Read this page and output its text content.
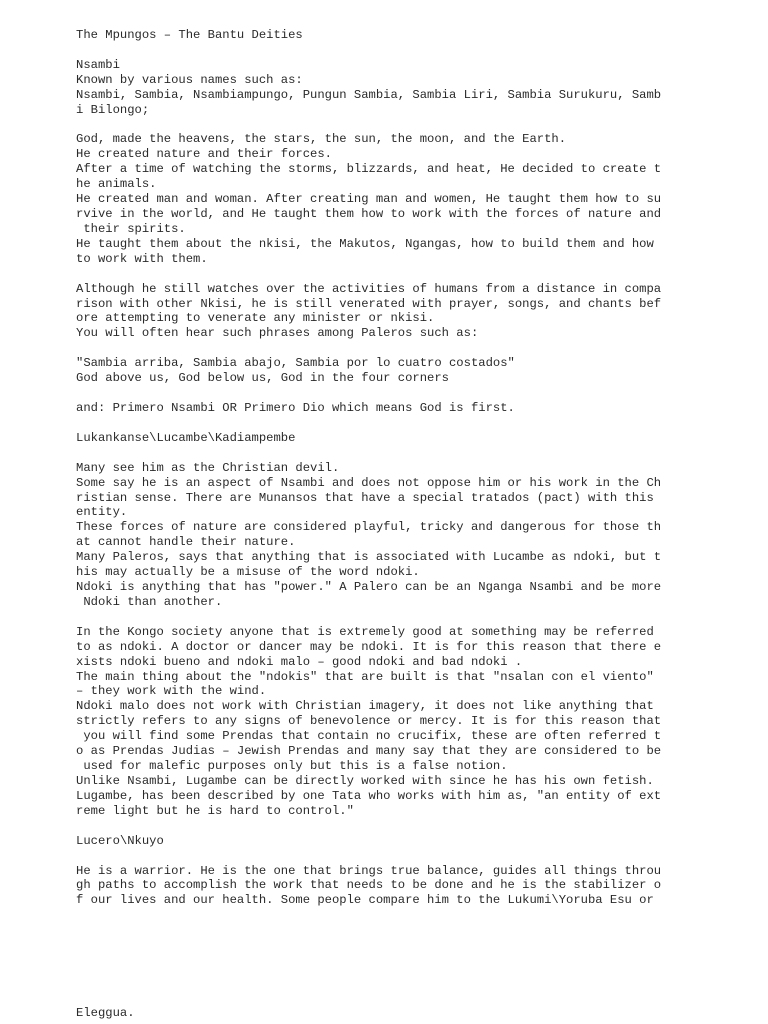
The Mpungos – The Bantu Deities

Nsambi

Known by various names such as:

Nsambi, Sambia, Nsambiampungo, Pungun Sambia, Sambia Liri, Sambia Surukuru, Samb

i Bilongo;

God, made the heavens, the stars, the sun, the moon, and the Earth.

He created nature and their forces.

After a time of watching the storms, blizzards, and heat, He decided to create t

he animals.

He created man and woman. After creating man and women, He taught them how to su

rvive in the world, and He taught them how to work with the forces of nature and

their spirits.

He taught them about the nkisi, the Makutos, Ngangas, how to build them and how

to work with them.

Although he still watches over the activities of humans from a distance in compa

rison with other Nkisi, he is still venerated with prayer, songs, and chants bef

ore attempting to venerate any minister or nkisi.

You will often hear such phrases among Paleros such as:

"Sambia arriba, Sambia abajo, Sambia por lo cuatro costados"

God above us, God below us, God in the four corners

and: Primero Nsambi OR Primero Dio which means God is first.

Lukankanse\Lucambe\Kadiampembe

Many see him as the Christian devil.

Some say he is an aspect of Nsambi and does not oppose him or his work in the Ch

ristian sense. There are Munansos that have a special tratados (pact) with this

entity.

These forces of nature are considered playful, tricky and dangerous for those th

at cannot handle their nature.

Many Paleros, says that anything that is associated with Lucambe as ndoki, but t

his may actually be a misuse of the word ndoki.

Ndoki is anything that has "power." A Palero can be an Nganga Nsambi and be more

Ndoki than another.

In the Kongo society anyone that is extremely good at something may be referred

to as ndoki. A doctor or dancer may be ndoki. It is for this reason that there e

xists ndoki bueno and ndoki malo – good ndoki and bad ndoki .

The main thing about the "ndokis" that are built is that "nsalan con el viento"

– they work with the wind.

Ndoki malo does not work with Christian imagery, it does not like anything that

strictly refers to any signs of benevolence or mercy. It is for this reason that

you will find some Prendas that contain no crucifix, these are often referred t

o as Prendas Judias – Jewish Prendas and many say that they are considered to be

used for malefic purposes only but this is a false notion.

Unlike Nsambi, Lugambe can be directly worked with since he has his own fetish.

Lugambe, has been described by one Tata who works with him as, "an entity of ext

reme light but he is hard to control."

Lucero\Nkuyo

He is a warrior. He is the one that brings true balance, guides all things throu

gh paths to accomplish the work that needs to be done and he is the stabilizer o

f our lives and our health. Some people compare him to the Lukumi\Yoruba Esu or

Eleggua.
